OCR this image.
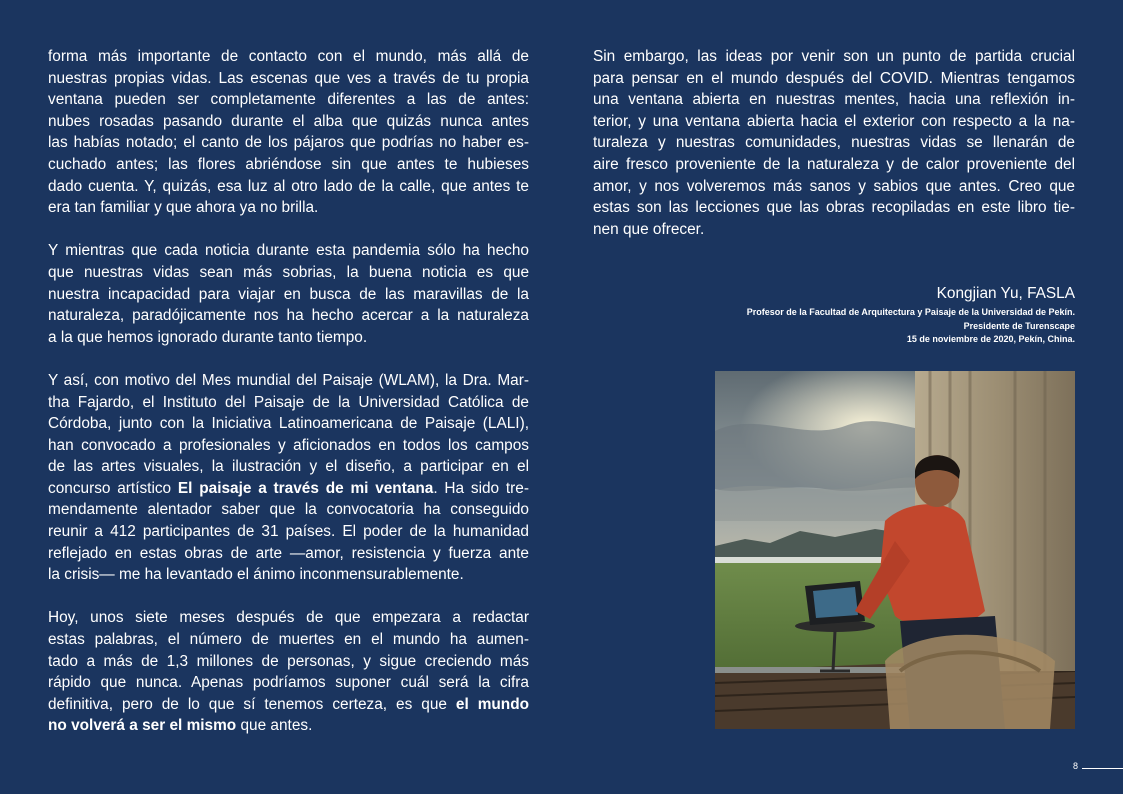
forma más importante de contacto con el mundo, más allá de
nuestras propias vidas. Las escenas que ves a través de tu propia
ventana pueden ser completamente diferentes a las de antes:
nubes rosadas pasando durante el alba que quizás nunca antes
las habías notado; el canto de los pájaros que podrías no haber es-
cuchado antes; las flores abriéndose sin que antes te hubieses
dado cuenta. Y, quizás, esa luz al otro lado de la calle, que antes te
era tan familiar y que ahora ya no brilla.

Y mientras que cada noticia durante esta pandemia sólo ha hecho
que nuestras vidas sean más sobrias, la buena noticia es que
nuestra incapacidad para viajar en busca de las maravillas de la
naturaleza, paradójicamente nos ha hecho acercar a la naturaleza
a la que hemos ignorado durante tanto tiempo.

Y así, con motivo del Mes mundial del Paisaje (WLAM), la Dra. Mar-
tha Fajardo, el Instituto del Paisaje de la Universidad Católica de
Córdoba, junto con la Iniciativa Latinoamericana de Paisaje (LALI),
han convocado a profesionales y aficionados en todos los campos
de las artes visuales, la ilustración y el diseño, a participar en el
concurso artístico El paisaje a través de mi ventana. Ha sido tre-
mendamente alentador saber que la convocatoria ha conseguido
reunir a 412 participantes de 31 países. El poder de la humanidad
reflejado en estas obras de arte —amor, resistencia y fuerza ante
la crisis— me ha levantado el ánimo inconmensurablemente.

Hoy, unos siete meses después de que empezara a redactar
estas palabras, el número de muertes en el mundo ha aumen-
tado a más de 1,3 millones de personas, y sigue creciendo más
rápido que nunca. Apenas podríamos suponer cuál será la cifra
definitiva, pero de lo que sí tenemos certeza, es que el mundo
no volverá a ser el mismo que antes.

Sin embargo, las ideas por venir son un punto de partida crucial
para pensar en el mundo después del COVID. Mientras tengamos
una ventana abierta en nuestras mentes, hacia una reflexión in-
terior, y una ventana abierta hacia el exterior con respecto a la na-
turaleza y nuestras comunidades, nuestras vidas se llenarán de
aire fresco proveniente de la naturaleza y de calor proveniente del
amor, y nos volveremos más sanos y sabios que antes. Creo que
estas son las lecciones que las obras recopiladas en este libro tie-
nen que ofrecer.

Kongjian Yu, FASLA
Profesor de la Facultad de Arquitectura y Paisaje de la Universidad de Pekín.
Presidente de Turenscape
15 de noviembre de 2020, Pekín, China.
8
